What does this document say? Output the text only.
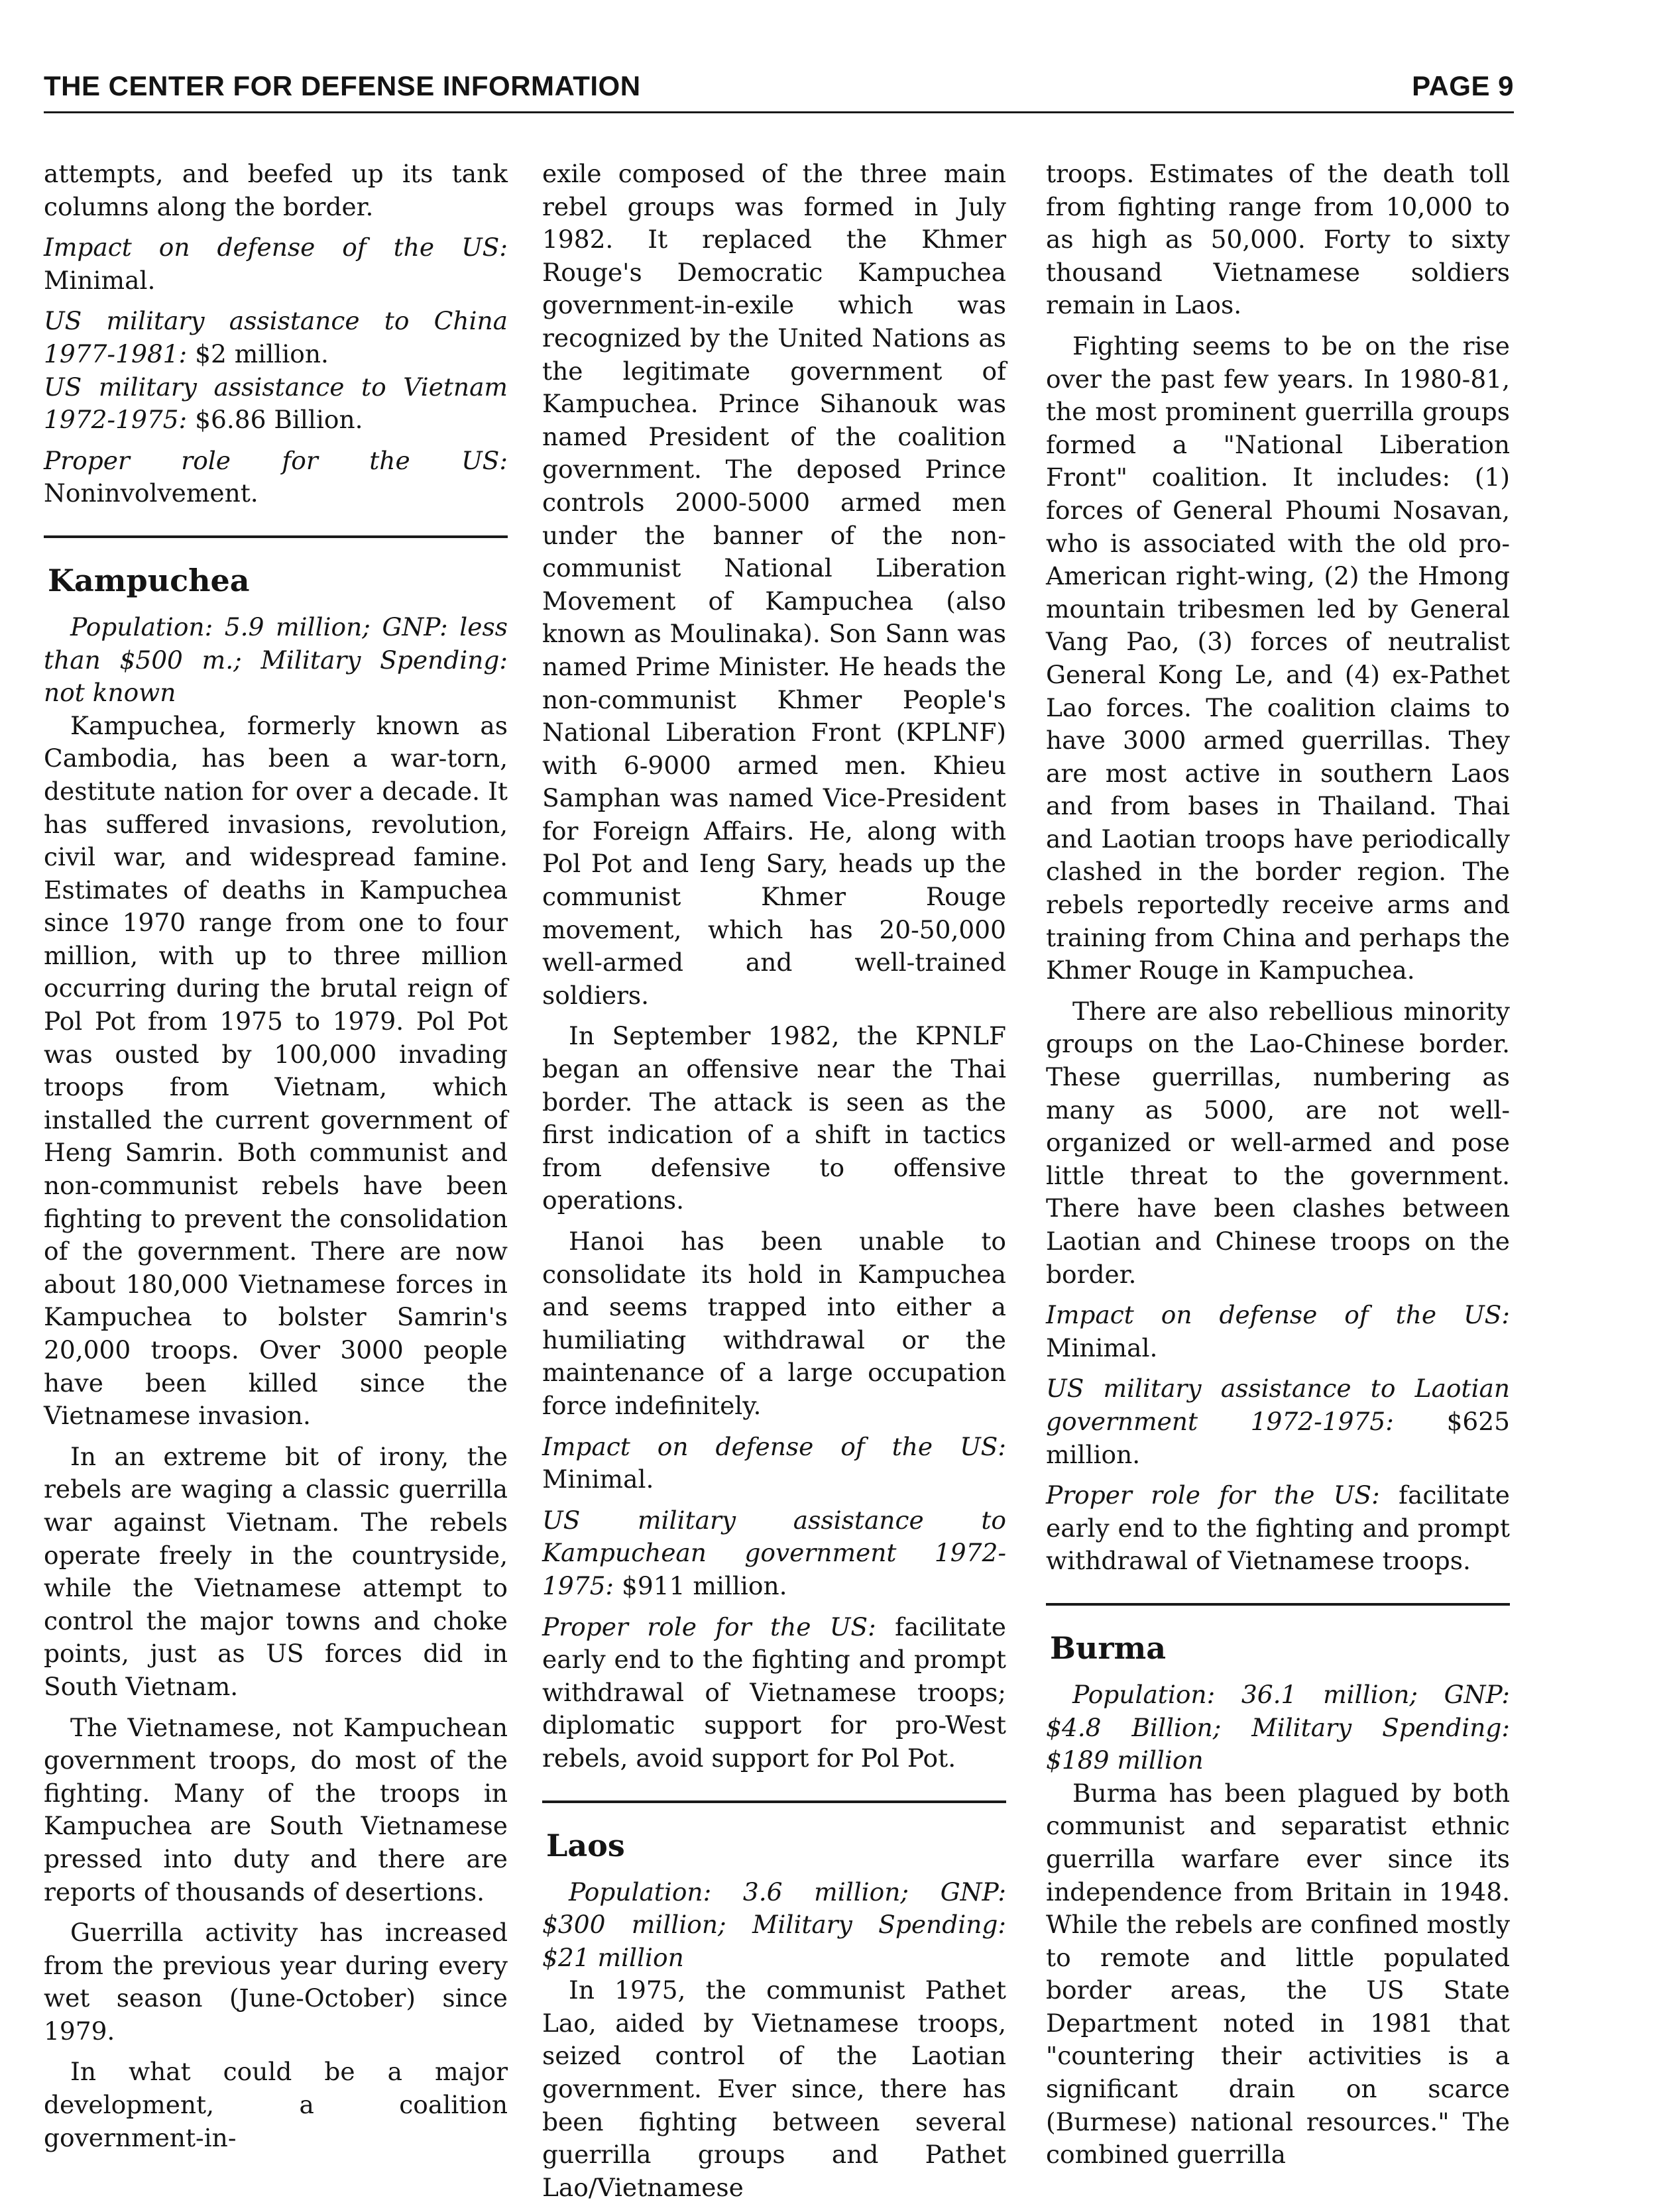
THE CENTER FOR DEFENSE INFORMATION	PAGE 9

attempts, and beefed up its tank columns along the border.

Impact on defense of the US: Minimal.

US military assistance to China 1977-1981: $2 million.

US military assistance to Vietnam 1972-1975: $6.86 Billion.

Proper role for the US: Noninvolvement.

Kampuchea

Population: 5.9 million; GNP: less than $500 m.; Military Spending: not known

Kampuchea, formerly known as Cambodia, has been a war-torn, destitute nation for over a decade. It has suffered invasions, revolution, civil war, and widespread famine. Estimates of deaths in Kampuchea since 1970 range from one to four million, with up to three million occurring during the brutal reign of Pol Pot from 1975 to 1979. Pol Pot was ousted by 100,000 invading troops from Vietnam, which installed the current government of Heng Samrin. Both communist and non-communist rebels have been fighting to prevent the consolidation of the government. There are now about 180,000 Vietnamese forces in Kampuchea to bolster Samrin's 20,000 troops. Over 3000 people have been killed since the Vietnamese invasion.

In an extreme bit of irony, the rebels are waging a classic guerrilla war against Vietnam. The rebels operate freely in the countryside, while the Vietnamese attempt to control the major towns and choke points, just as US forces did in South Vietnam.

The Vietnamese, not Kampuchean government troops, do most of the fighting. Many of the troops in Kampuchea are South Vietnamese pressed into duty and there are reports of thousands of desertions.

Guerrilla activity has increased from the previous year during every wet season (June-October) since 1979.

In what could be a major development, a coalition government-in-

exile composed of the three main rebel groups was formed in July 1982. It replaced the Khmer Rouge's Democratic Kampuchea government-in-exile which was recognized by the United Nations as the legitimate government of Kampuchea. Prince Sihanouk was named President of the coalition government. The deposed Prince controls 2000-5000 armed men under the banner of the non-communist National Liberation Movement of Kampuchea (also known as Moulinaka). Son Sann was named Prime Minister. He heads the non-communist Khmer People's National Liberation Front (KPLNF) with 6-9000 armed men. Khieu Samphan was named Vice-President for Foreign Affairs. He, along with Pol Pot and Ieng Sary, heads up the communist Khmer Rouge movement, which has 20-50,000 well-armed and well-trained soldiers.

In September 1982, the KPNLF began an offensive near the Thai border. The attack is seen as the first indication of a shift in tactics from defensive to offensive operations.

Hanoi has been unable to consolidate its hold in Kampuchea and seems trapped into either a humiliating withdrawal or the maintenance of a large occupation force indefinitely.

Impact on defense of the US: Minimal.

US military assistance to Kampuchean government 1972-1975: $911 million.

Proper role for the US: facilitate early end to the fighting and prompt withdrawal of Vietnamese troops; diplomatic support for pro-West rebels, avoid support for Pol Pot.

Laos

Population: 3.6 million; GNP: $300 million; Military Spending: $21 million

In 1975, the communist Pathet Lao, aided by Vietnamese troops, seized control of the Laotian government. Ever since, there has been fighting between several guerrilla groups and Pathet Lao/Vietnamese

troops. Estimates of the death toll from fighting range from 10,000 to as high as 50,000. Forty to sixty thousand Vietnamese soldiers remain in Laos.

Fighting seems to be on the rise over the past few years. In 1980-81, the most prominent guerrilla groups formed a "National Liberation Front" coalition. It includes: (1) forces of General Phoumi Nosavan, who is associated with the old pro-American right-wing, (2) the Hmong mountain tribesmen led by General Vang Pao, (3) forces of neutralist General Kong Le, and (4) ex-Pathet Lao forces. The coalition claims to have 3000 armed guerrillas. They are most active in southern Laos and from bases in Thailand. Thai and Laotian troops have periodically clashed in the border region. The rebels reportedly receive arms and training from China and perhaps the Khmer Rouge in Kampuchea.

There are also rebellious minority groups on the Lao-Chinese border. These guerrillas, numbering as many as 5000, are not well-organized or well-armed and pose little threat to the government. There have been clashes between Laotian and Chinese troops on the border.

Impact on defense of the US: Minimal.

US military assistance to Laotian government 1972-1975: $625 million.

Proper role for the US: facilitate early end to the fighting and prompt withdrawal of Vietnamese troops.

Burma

Population: 36.1 million; GNP: $4.8 Billion; Military Spending: $189 million

Burma has been plagued by both communist and separatist ethnic guerrilla warfare ever since its independence from Britain in 1948. While the rebels are confined mostly to remote and little populated border areas, the US State Department noted in 1981 that "countering their activities is a significant drain on scarce (Burmese) national resources." The combined guerrilla
